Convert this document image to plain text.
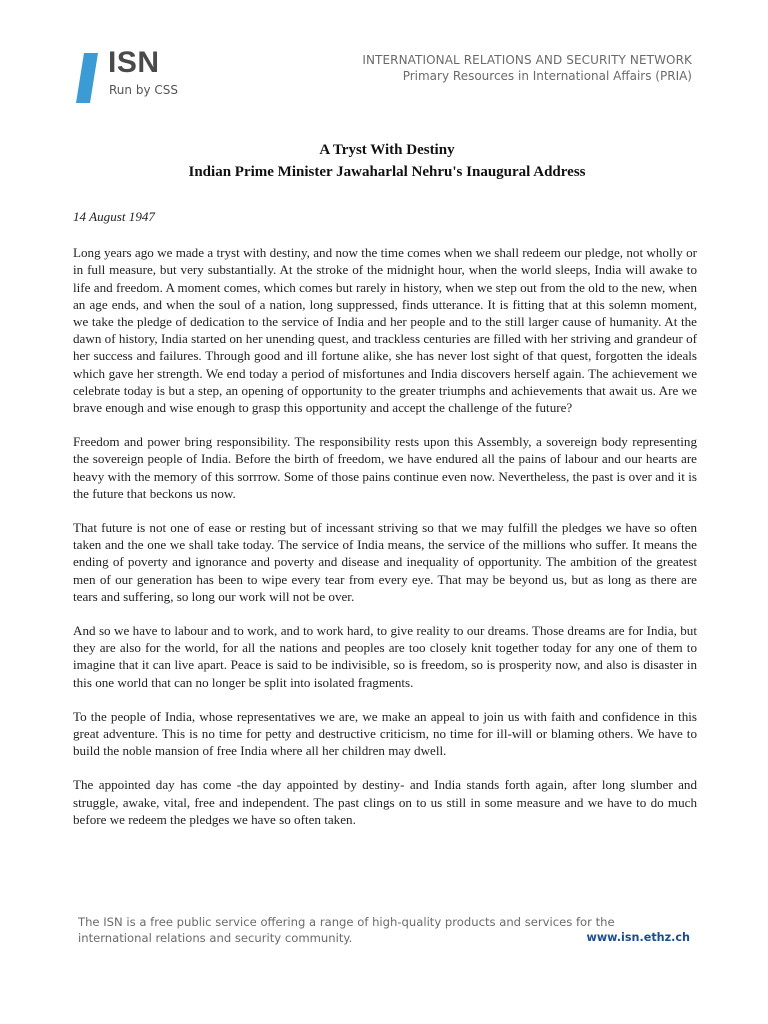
ISN
Run by CSS
INTERNATIONAL RELATIONS AND SECURITY NETWORK
Primary Resources in International Affairs (PRIA)
A Tryst With Destiny
Indian Prime Minister Jawaharlal Nehru's Inaugural Address
14 August 1947

Long years ago we made a tryst with destiny, and now the time comes when we shall redeem our pledge, not wholly or in full measure, but very substantially. At the stroke of the midnight hour, when the world sleeps, India will awake to life and freedom. A moment comes, which comes but rarely in history, when we step out from the old to the new, when an age ends, and when the soul of a nation, long suppressed, finds utterance. It is fitting that at this solemn moment, we take the pledge of dedication to the service of India and her people and to the still larger cause of humanity. At the dawn of history, India started on her unending quest, and trackless centuries are filled with her striving and grandeur of her success and failures. Through good and ill fortune alike, she has never lost sight of that quest, forgotten the ideals which gave her strength. We end today a period of misfortunes and India discovers herself again. The achievement we celebrate today is but a step, an opening of opportunity to the greater triumphs and achievements that await us. Are we brave enough and wise enough to grasp this opportunity and accept the challenge of the future?

Freedom and power bring responsibility. The responsibility rests upon this Assembly, a sovereign body representing the sovereign people of India. Before the birth of freedom, we have endured all the pains of labour and our hearts are heavy with the memory of this sorrrow. Some of those pains continue even now. Nevertheless, the past is over and it is the future that beckons us now.

That future is not one of ease or resting but of incessant striving so that we may fulfill the pledges we have so often taken and the one we shall take today. The service of India means, the service of the millions who suffer. It means the ending of poverty and ignorance and poverty and disease and inequality of opportunity. The ambition of the greatest men of our generation has been to wipe every tear from every eye. That may be beyond us, but as long as there are tears and suffering, so long our work will not be over.

And so we have to labour and to work, and to work hard, to give reality to our dreams. Those dreams are for India, but they are also for the world, for all the nations and peoples are too closely knit together today for any one of them to imagine that it can live apart. Peace is said to be indivisible, so is freedom, so is prosperity now, and also is disaster in this one world that can no longer be split into isolated fragments.

To the people of India, whose representatives we are, we make an appeal to join us with faith and confidence in this great adventure. This is no time for petty and destructive criticism, no time for ill-will or blaming others. We have to build the noble mansion of free India where all her children may dwell.

The appointed day has come -the day appointed by destiny- and India stands forth again, after long slumber and struggle, awake, vital, free and independent. The past clings on to us still in some measure and we have to do much before we redeem the pledges we have so often taken.

The ISN is a free public service offering a range of high-quality products and services for the international relations and security community.	www.isn.ethz.ch
